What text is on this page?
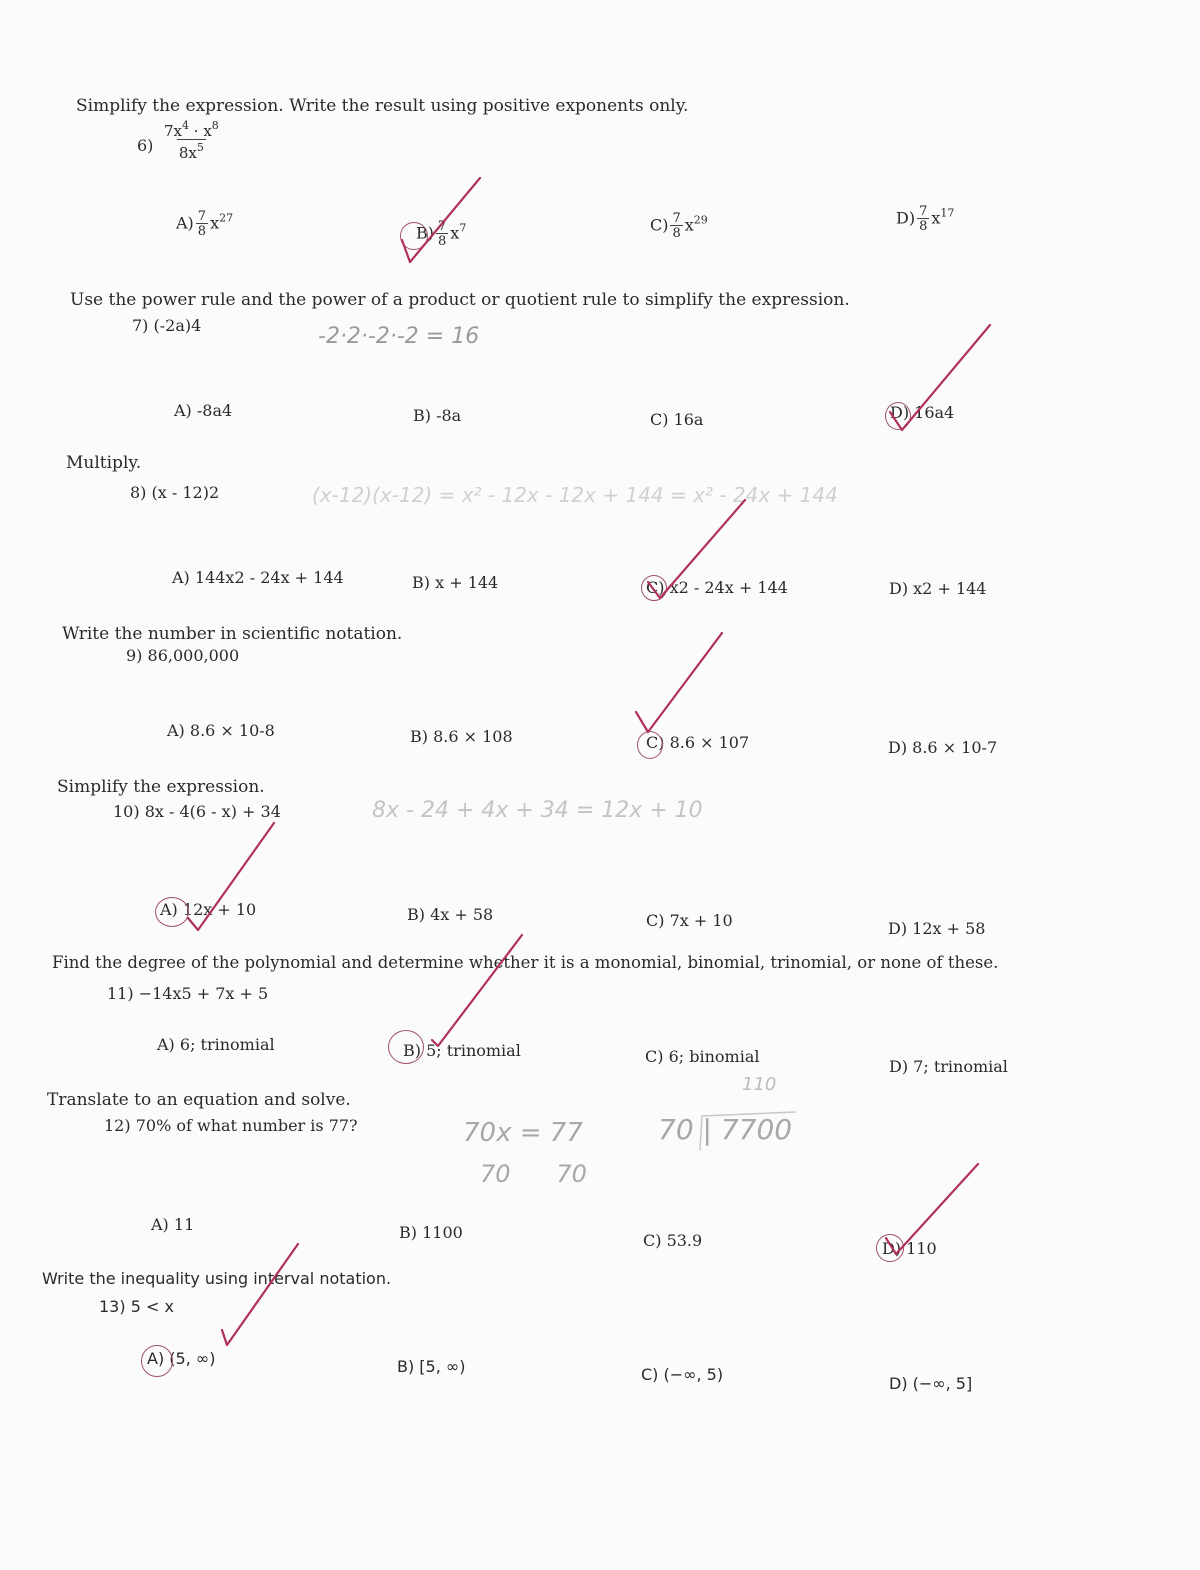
Simplify the expression. Write the result using positive exponents only.
$6) \frac{7x^4 \cdot x^8}{8x^5}$
$A) \frac{7}{8} x^{27}$
$B) \frac{7}{8} x^7$	$C) \frac{7}{8} x^{29}$	$D) \frac{7}{8} x^{17}$
Use the power rule and the power of a product or quotient rule to simplify the expression.
7) (-2a)4
A) -8a4	B) -8a	C) 16a	D) 16a4
Multiply.
8) (x - 12)2
A) 144x2 - 24x + 144	B) x + 144	C) x2 - 24x + 144	D) x2 + 144
Write the number in scientific notation.
9) 86,000,000
A) 8.6 × 10-8	B) 8.6 × 108	C) 8.6 × 107	D) 8.6 × 10-7
Simplify the expression.
10) 8x - 4(6 - x) + 34
A) 12x + 10	B) 4x + 58	C) 7x + 10	D) 12x + 58
Find the degree of the polynomial and determine whether it is a monomial, binomial, trinomial, or none of these.
11) −14x5 + 7x + 5
A) 6; trinomial	B) 5; trinomial	C) 6; binomial
D) 7; trinomial
Translate to an equation and solve.
12) 70% of what number is 77?
A) 11	B) 1100	C) 53.9	D) 110
Write the inequality using interval notation.
13) 5 < x
A) (5, ∞)	B) [5, ∞)	C) (−∞, 5)	D) (−∞, 5]
-2·2·-2·-2 = 16
(x-12)(x-12) = x² - 12x - 12x + 144 = x² - 24x + 144
8x - 24 + 4x + 34 = 12x + 10
70x = 77
70      70
110
70 | 7700
